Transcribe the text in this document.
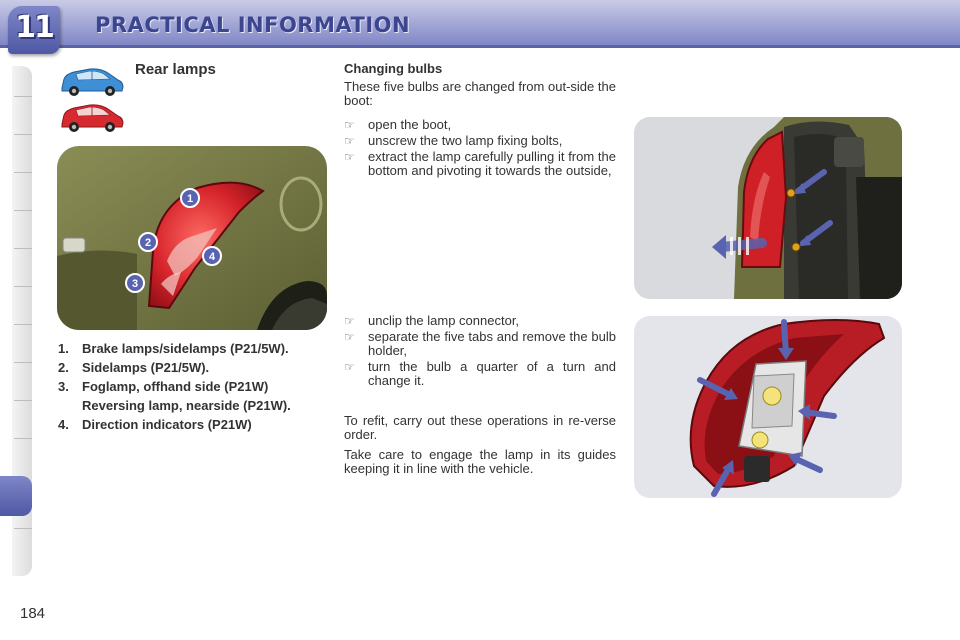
11	PRACTICAL INFORMATION
Rear lamps
1
2
3
4
1.	Brake lamps/sidelamps (P21/5W).
2.	Sidelamps (P21/5W).
3.	Foglamp, offhand side (P21W)
Reversing lamp, nearside (P21W).
4.	Direction indicators (P21W)
Changing bulbs
These five bulbs are changed from out-side the boot:
☞	open the boot,
☞	unscrew the two lamp fixing bolts,
☞	extract the lamp carefully pulling it from the bottom and pivoting it towards the outside,
☞	unclip the lamp connector,
☞	separate the five tabs and remove the bulb holder,
☞	turn the bulb a quarter of a turn and change it.
To refit, carry out these operations in re-verse order.
Take care to engage the lamp in its guides keeping it in line with the vehicle.
184
